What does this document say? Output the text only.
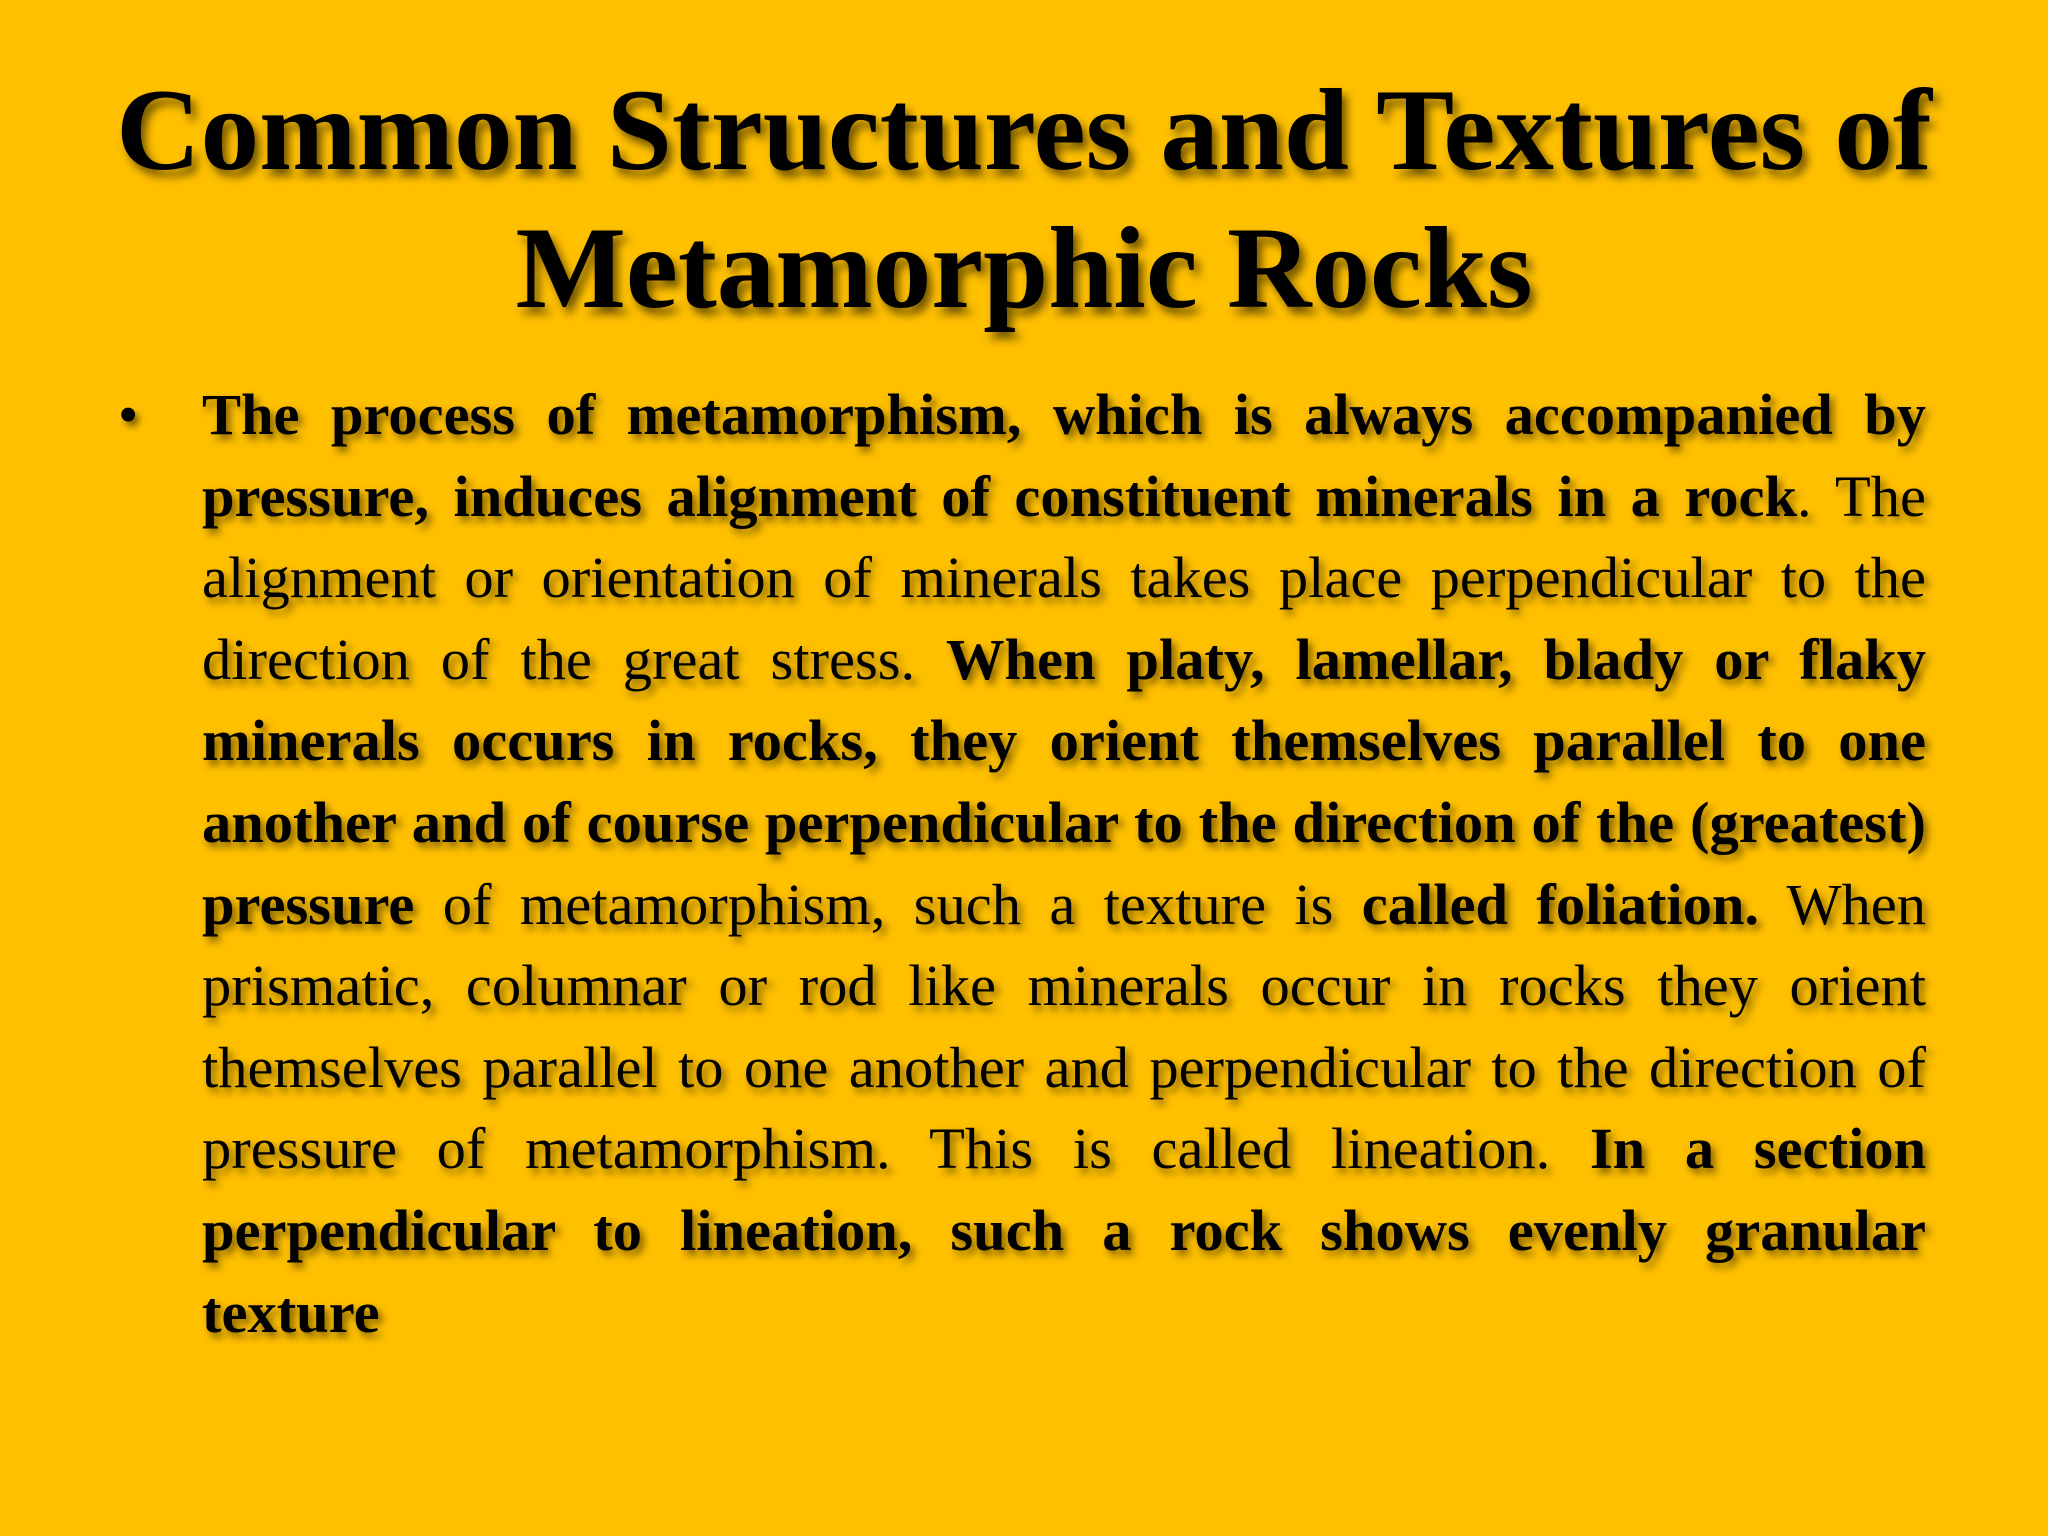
Common Structures and Textures of
Metamorphic Rocks
• The process of metamorphism, which is always accompanied by pressure, induces alignment of constituent minerals in a rock. The alignment or orientation of minerals takes place perpendicular to the direction of the great stress. When platy, lamellar, blady or flaky minerals occurs in rocks, they orient themselves parallel to one another and of course perpendicular to the direction of the (greatest) pressure of metamorphism, such a texture is called foliation. When prismatic, columnar or rod like minerals occur in rocks they orient themselves parallel to one another and perpendicular to the direction of pressure of metamorphism. This is called lineation. In a section perpendicular to lineation, such a rock shows evenly granular texture
